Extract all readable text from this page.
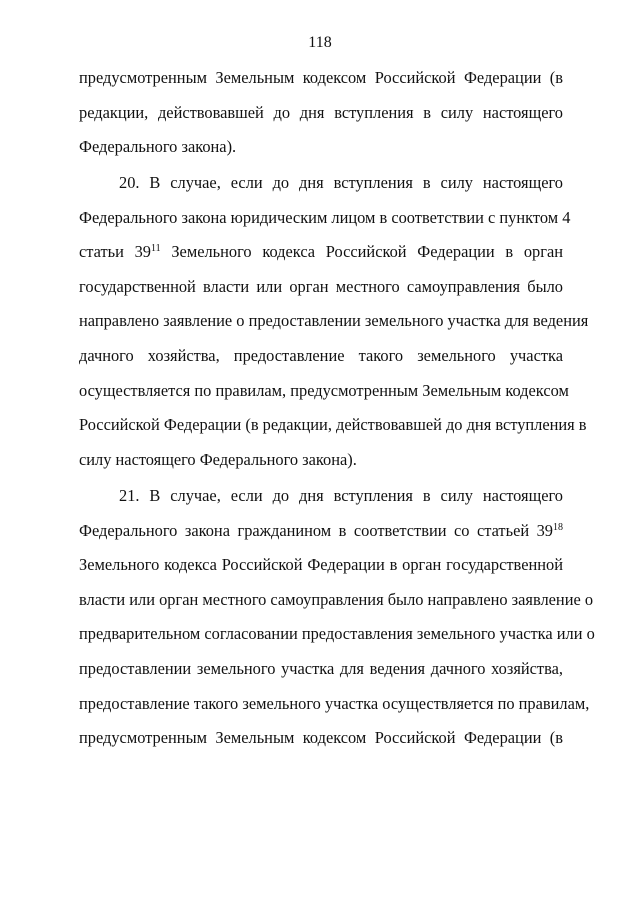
118
предусмотренным Земельным кодексом Российской Федерации (в
редакции, действовавшей до дня вступления в силу настоящего
Федерального закона).
20. В случае, если до дня вступления в силу настоящего
Федерального закона юридическим лицом в соответствии с пунктом 4
статьи $39^{11}$ Земельного кодекса Российской Федерации в орган
государственной власти или орган местного самоуправления было
направлено заявление о предоставлении земельного участка для ведения
дачного хозяйства, предоставление такого земельного участка
осуществляется по правилам, предусмотренным Земельным кодексом
Российской Федерации (в редакции, действовавшей до дня вступления в
силу настоящего Федерального закона).
21. В случае, если до дня вступления в силу настоящего
Федерального закона гражданином в соответствии со статьей $39^{18}$
Земельного кодекса Российской Федерации в орган государственной
власти или орган местного самоуправления было направлено заявление о
предварительном согласовании предоставления земельного участка или о
предоставлении земельного участка для ведения дачного хозяйства,
предоставление такого земельного участка осуществляется по правилам,
предусмотренным Земельным кодексом Российской Федерации (в
